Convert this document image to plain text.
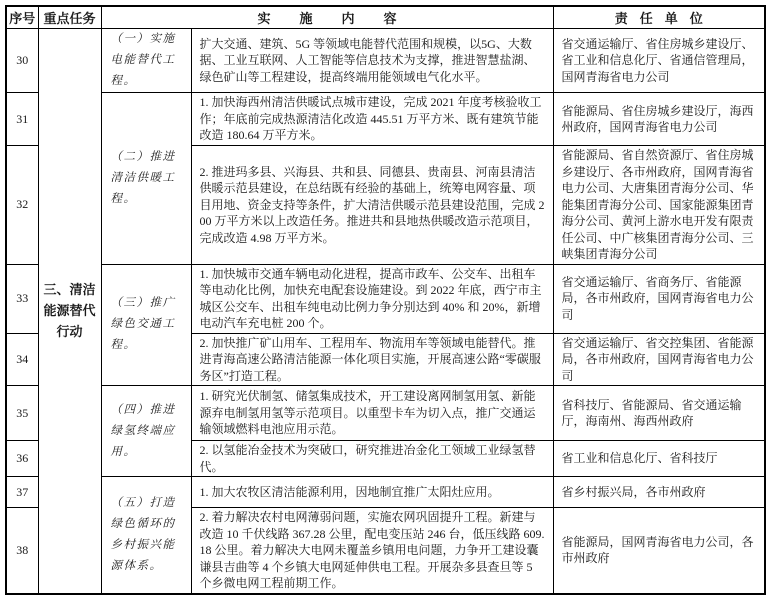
序号	重点任务	实施内容		责任单位
30	三、清洁能源替代行动	（一）实施电能替代工程。	扩大交通、建筑、5G 等领域电能替代范围和规模，以5G、大数据、工业互联网、人工智能等信息技术为支撑，推进智慧盐湖、绿色矿山等工程建设，提高终端用能领域电气化水平。	省交通运输厅、省住房城乡建设厅、省工业和信息化厅、省通信管理局，国网青海省电力公司
31		（二）推进清洁供暖工程。	1. 加快海西州清洁供暖试点城市建设，完成 2021 年度考核验收工作；年底前完成热源清洁化改造 445.51 万平方米、既有建筑节能改造 180.64 万平方米。	省能源局、省住房城乡建设厅，海西州政府，国网青海省电力公司
32			2. 推进玛多县、兴海县、共和县、同德县、贵南县、河南县清洁供暖示范县建设，在总结既有经验的基础上，统筹电网容量、项目用地、资金支持等条件，扩大清洁供暖示范县建设范围，完成 200 万平方米以上改造任务。推进共和县地热供暖改造示范项目，完成改造 4.98 万平方米。	省能源局、省自然资源厅、省住房城乡建设厅、各市州政府，国网青海省电力公司、大唐集团青海分公司、华能集团青海分公司、国家能源集团青海分公司、黄河上游水电开发有限责任公司、中广核集团青海分公司、三峡集团青海分公司
33		（三）推广绿色交通工程。	1. 加快城市交通车辆电动化进程，提高市政车、公交车、出租车等电动化比例，加快充电配套设施建设。到 2022 年底，西宁市主城区公交车、出租车纯电动比例力争分别达到 40% 和 20%，新增电动汽车充电桩 200 个。	省交通运输厅、省商务厅、省能源局，各市州政府，国网青海省电力公司
34			2. 加快推广矿山用车、工程用车、物流用车等领域电能替代。推进青海高速公路清洁能源一体化项目实施，开展高速公路“零碳服务区”打造工程。	省交通运输厅、省交控集团、省能源局，各市州政府，国网青海省电力公司
35		（四）推进绿氢终端应用。	1. 研究光伏制氢、储氢集成技术，开工建设离网制氢用氢、新能源弃电制氢用氢等示范项目。以重型卡车为切入点，推广交通运输领域燃料电池应用示范。	省科技厅、省能源局、省交通运输厅，海南州、海西州政府
36			2. 以氢能冶金技术为突破口，研究推进冶金化工领域工业绿氢替代。	省工业和信息化厅、省科技厅
37		（五）打造绿色循环的乡村振兴能源体系。	1. 加大农牧区清洁能源利用，因地制宜推广太阳灶应用。	省乡村振兴局，各市州政府
38			2. 着力解决农村电网薄弱问题，实施农网巩固提升工程。新建与改造 10 千伏线路 367.28 公里，配电变压站 246 台，低压线路 609.18 公里。着力解决大电网未覆盖乡镇用电问题，力争开工建设囊谦县吉曲等 4 个乡镇大电网延伸供电工程。开展杂多县查旦等 5 个乡微电网工程前期工作。	省能源局，国网青海省电力公司，各市州政府
